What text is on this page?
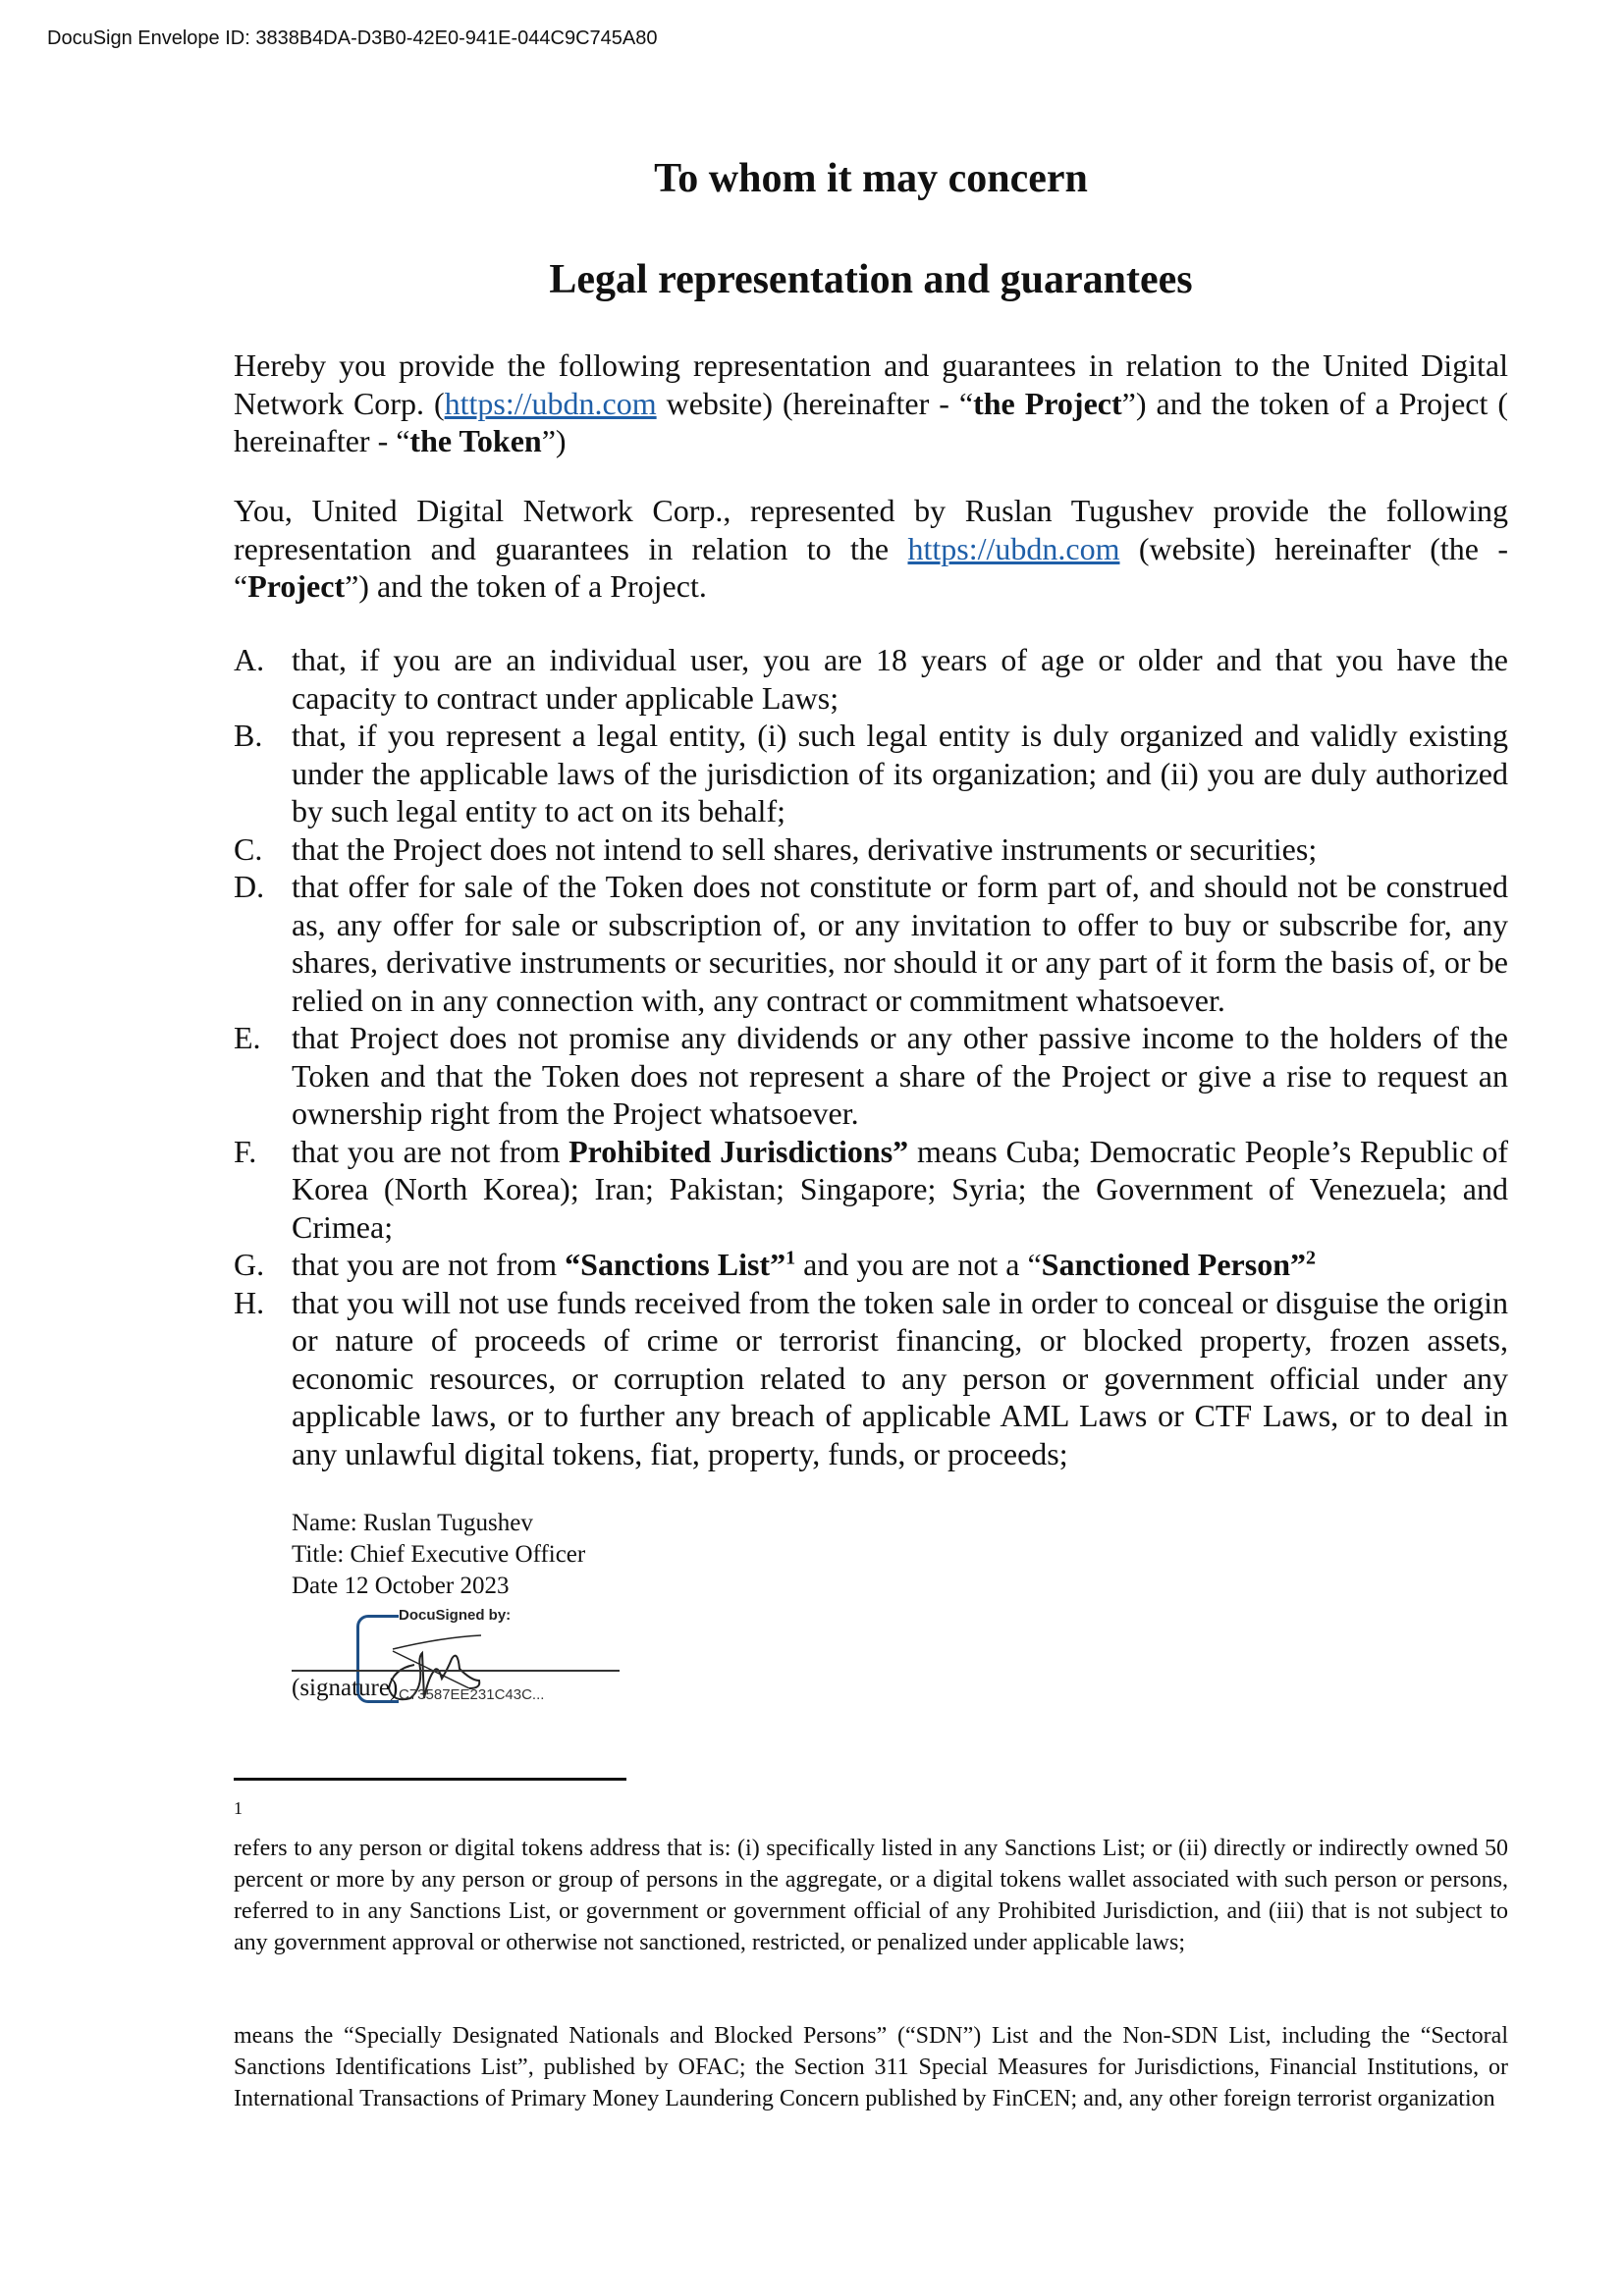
DocuSign Envelope ID: 3838B4DA-D3B0-42E0-941E-044C9C745A80
To whom it may concern
Legal representation and guarantees

Hereby you provide the following representation and guarantees in relation to the United Digital Network Corp. (https://ubdn.com website) (hereinafter - “the Project”) and the token of a Project ( hereinafter - “the Token”)

You, United Digital Network Corp., represented by Ruslan Tugushev provide the following representation and guarantees in relation to the https://ubdn.com (website) hereinafter (the - “Project”) and the token of a Project.

A. that, if you are an individual user, you are 18 years of age or older and that you have the capacity to contract under applicable Laws;
B. that, if you represent a legal entity, (i) such legal entity is duly organized and validly existing under the applicable laws of the jurisdiction of its organization; and (ii) you are duly authorized by such legal entity to act on its behalf;
C. that the Project does not intend to sell shares, derivative instruments or securities;
D. that offer for sale of the Token does not constitute or form part of, and should not be construed as, any offer for sale or subscription of, or any invitation to offer to buy or subscribe for, any shares, derivative instruments or securities, nor should it or any part of it form the basis of, or be relied on in any connection with, any contract or commitment whatsoever.
E. that Project does not promise any dividends or any other passive income to the holders of the Token and that the Token does not represent a share of the Project or give a rise to request an ownership right from the Project whatsoever.
F. that you are not from Prohibited Jurisdictions” means Cuba; Democratic People’s Republic of Korea (North Korea); Iran; Pakistan; Singapore; Syria; the Government of Venezuela; and Crimea;
G. that you are not from “Sanctions List”$^1$ and you are not a “Sanctioned Person”$^2$
H. that you will not use funds received from the token sale in order to conceal or disguise the origin or nature of proceeds of crime or terrorist financing, or blocked property, frozen assets, economic resources, or corruption related to any person or government official under any applicable laws, or to further any breach of applicable AML Laws or CTF Laws, or to deal in any unlawful digital tokens, fiat, property, funds, or proceeds;
Name: Ruslan Tugushev
Title: Chief Executive Officer
Date 12 October 2023
DocuSigned by:
(signature) C73587EE231C43C...
1

refers to any person or digital tokens address that is: (i) specifically listed in any Sanctions List; or (ii) directly or indirectly owned 50 percent or more by any person or group of persons in the aggregate, or a digital tokens wallet associated with such person or persons, referred to in any Sanctions List, or government or government official of any Prohibited Jurisdiction, and (iii) that is not subject to any government approval or otherwise not sanctioned, restricted, or penalized under applicable laws;

means the “Specially Designated Nationals and Blocked Persons” (“SDN”) List and the Non-SDN List, including the “Sectoral Sanctions Identifications List”, published by OFAC; the Section 311 Special Measures for Jurisdictions, Financial Institutions, or International Transactions of Primary Money Laundering Concern published by FinCEN; and, any other foreign terrorist organization
